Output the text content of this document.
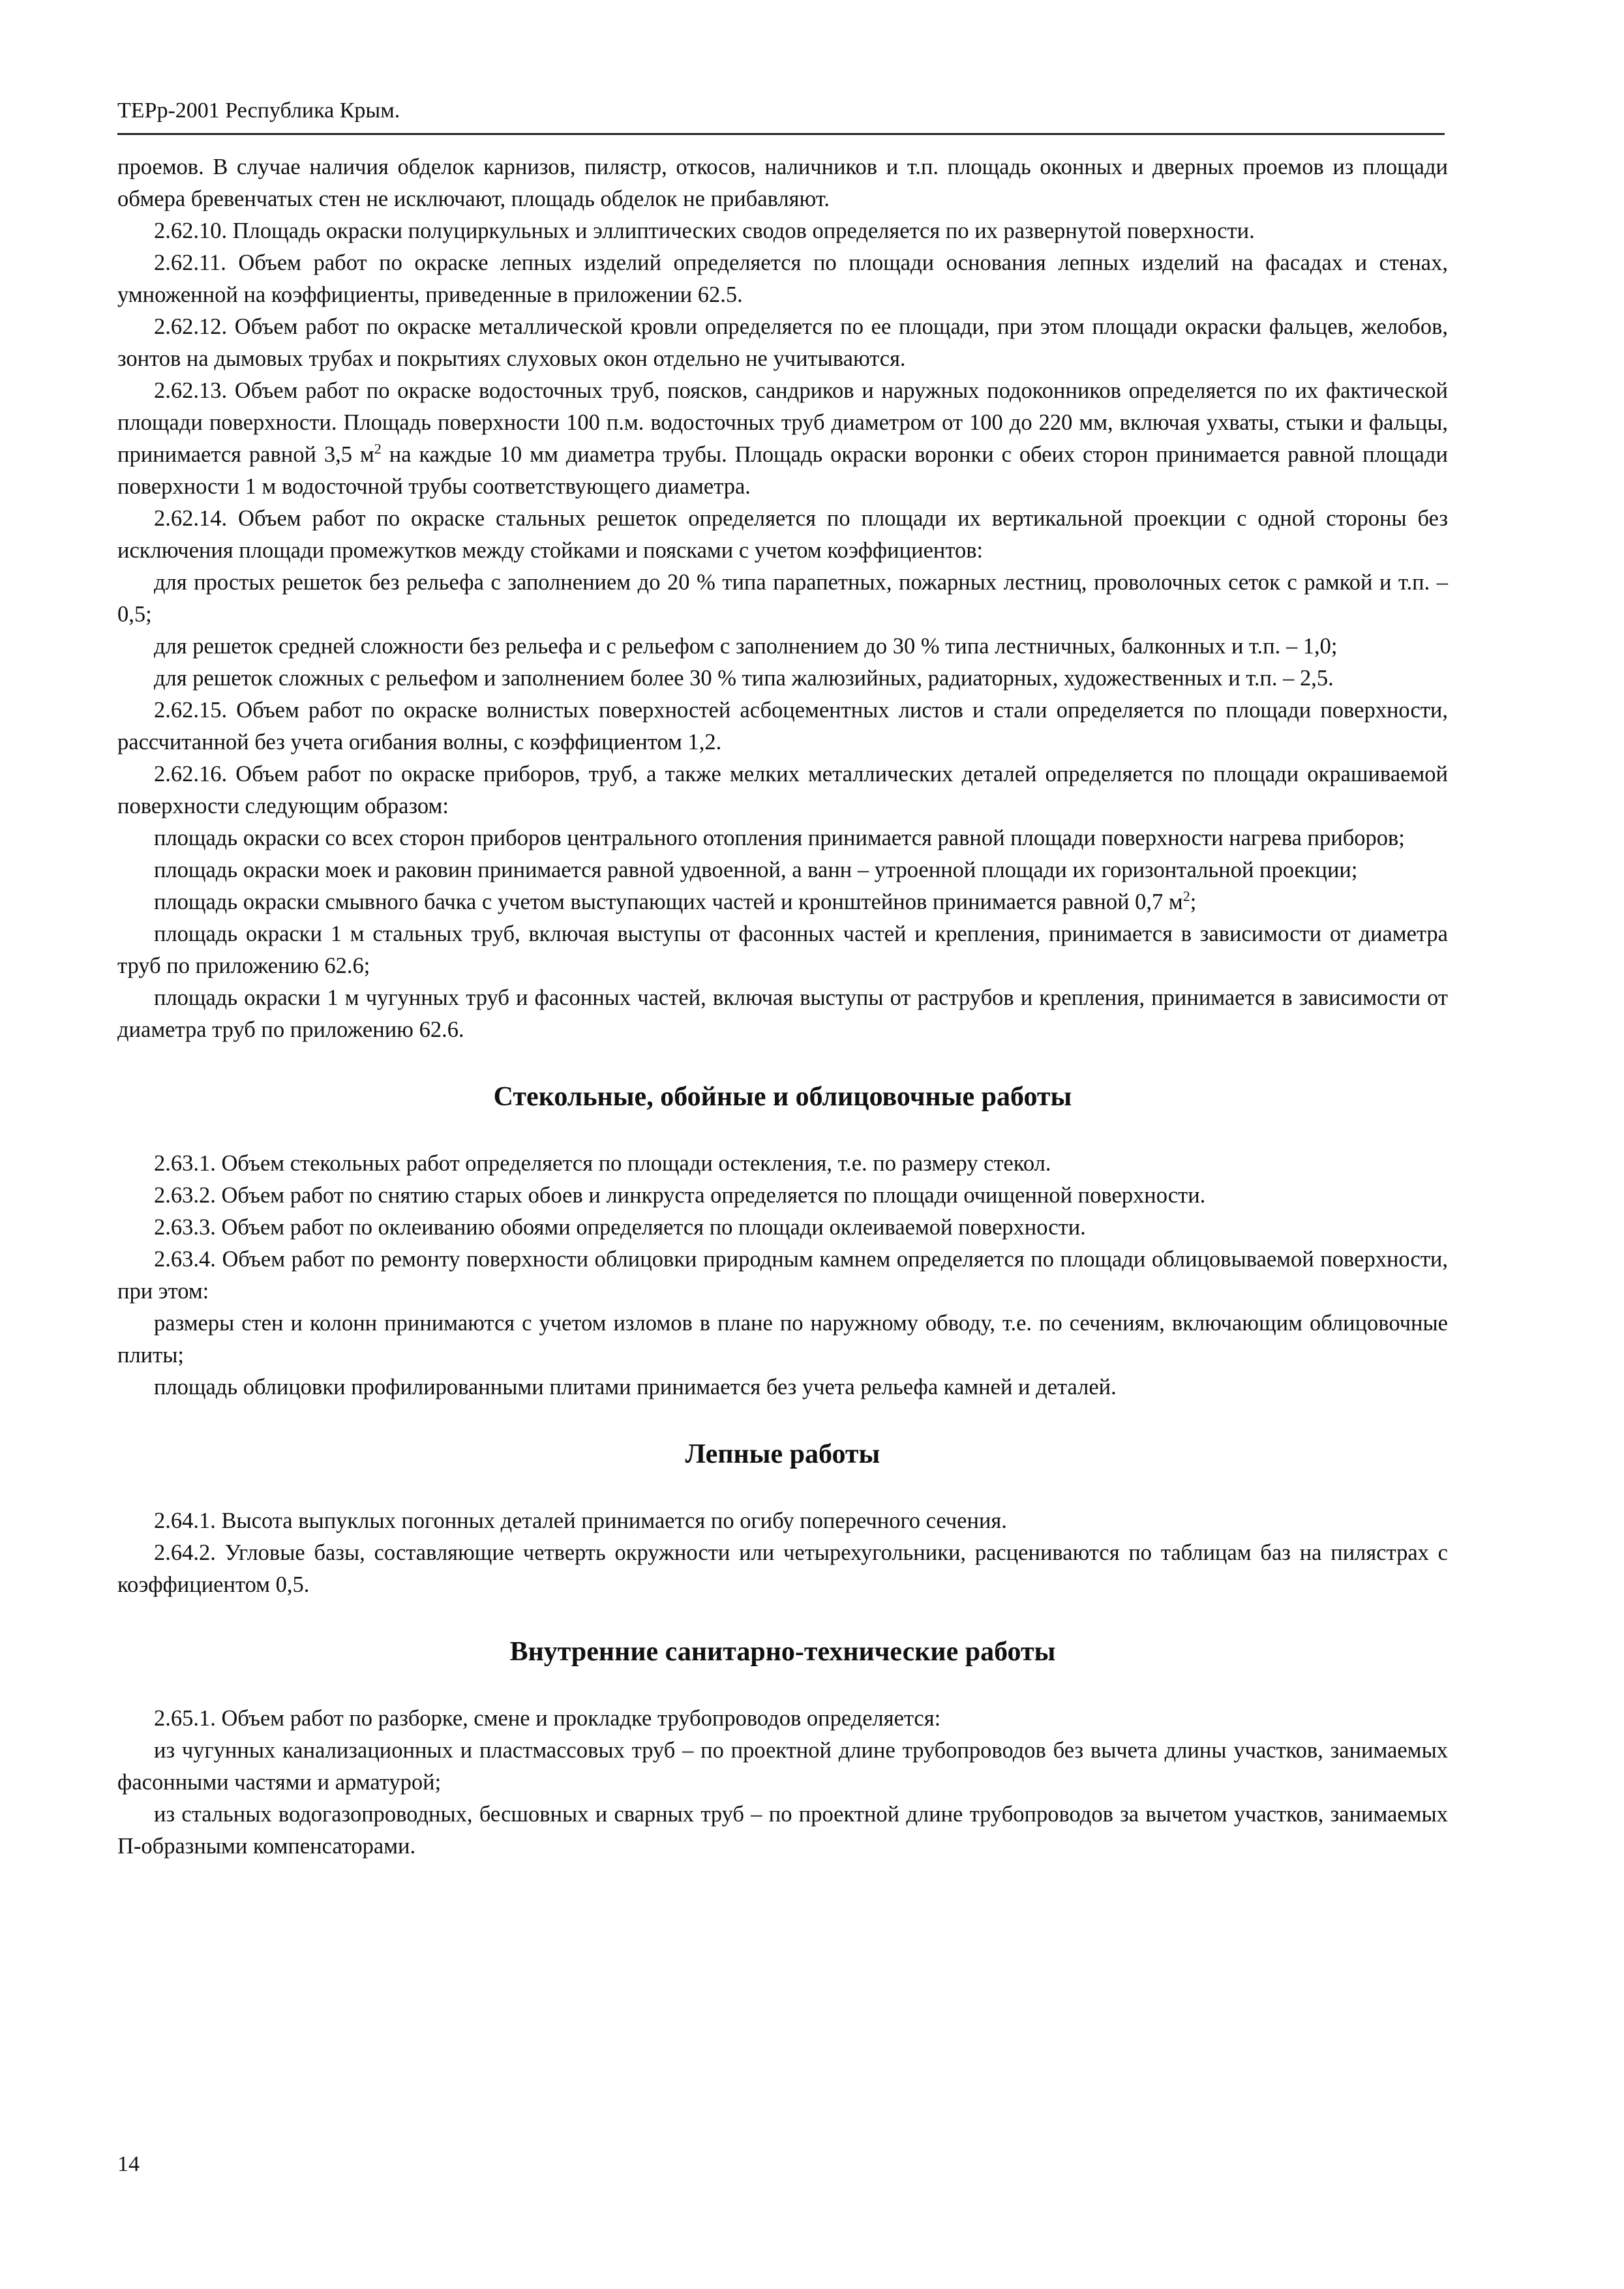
ТЕРр-2001 Республика Крым.

проемов. В случае наличия обделок карнизов, пилястр, откосов, наличников и т.п. площадь оконных и дверных проемов из площади обмера бревенчатых стен не исключают, площадь обделок не прибавляют.

2.62.10. Площадь окраски полуциркульных и эллиптических сводов определяется по их развернутой поверхности.

2.62.11. Объем работ по окраске лепных изделий определяется по площади основания лепных изделий на фасадах и стенах, умноженной на коэффициенты, приведенные в приложении 62.5.

2.62.12. Объем работ по окраске металлической кровли определяется по ее площади, при этом площади окраски фальцев, желобов, зонтов на дымовых трубах и покрытиях слуховых окон отдельно не учитываются.

2.62.13. Объем работ по окраске водосточных труб, поясков, сандриков и наружных подоконников определяется по их фактической площади поверхности. Площадь поверхности 100 п.м. водосточных труб диаметром от 100 до 220 мм, включая ухваты, стыки и фальцы, принимается равной 3,5 $м^2$ на каждые 10 мм диаметра трубы. Площадь окраски воронки с обеих сторон принимается равной площади поверхности 1 м водосточной трубы соответствующего диаметра.

2.62.14. Объем работ по окраске стальных решеток определяется по площади их вертикальной проекции с одной стороны без исключения площади промежутков между стойками и поясками с учетом коэффициентов:

для простых решеток без рельефа с заполнением до 20 % типа парапетных, пожарных лестниц, проволочных сеток с рамкой и т.п. – 0,5;

для решеток средней сложности без рельефа и с рельефом с заполнением до 30 % типа лестничных, балконных и т.п. – 1,0;

для решеток сложных с рельефом и заполнением более 30 % типа жалюзийных, радиаторных, художественных и т.п. – 2,5.

2.62.15. Объем работ по окраске волнистых поверхностей асбоцементных листов и стали определяется по площади поверхности, рассчитанной без учета огибания волны, с коэффициентом 1,2.

2.62.16. Объем работ по окраске приборов, труб, а также мелких металлических деталей определяется по площади окрашиваемой поверхности следующим образом:

площадь окраски со всех сторон приборов центрального отопления принимается равной площади поверхности нагрева приборов;

площадь окраски моек и раковин принимается равной удвоенной, а ванн – утроенной площади их горизонтальной проекции;

площадь окраски смывного бачка с учетом выступающих частей и кронштейнов принимается равной 0,7 $м^2$;

площадь окраски 1 м стальных труб, включая выступы от фасонных частей и крепления, принимается в зависимости от диаметра труб по приложению 62.6;

площадь окраски 1 м чугунных труб и фасонных частей, включая выступы от раструбов и крепления, принимается в зависимости от диаметра труб по приложению 62.6.

Стекольные, обойные и облицовочные работы

2.63.1. Объем стекольных работ определяется по площади остекления, т.е. по размеру стекол.

2.63.2. Объем работ по снятию старых обоев и линкруста определяется по площади очищенной поверхности.

2.63.3. Объем работ по оклеиванию обоями определяется по площади оклеиваемой поверхности.

2.63.4. Объем работ по ремонту поверхности облицовки природным камнем определяется по площади облицовываемой поверхности, при этом:

размеры стен и колонн принимаются с учетом изломов в плане по наружному обводу, т.е. по сечениям, включающим облицовочные плиты;

площадь облицовки профилированными плитами принимается без учета рельефа камней и деталей.

Лепные работы

2.64.1. Высота выпуклых погонных деталей принимается по огибу поперечного сечения.

2.64.2. Угловые базы, составляющие четверть окружности или четырехугольники, расцениваются по таблицам баз на пилястрах с коэффициентом 0,5.

Внутренние санитарно-технические работы

2.65.1. Объем работ по разборке, смене и прокладке трубопроводов определяется:

из чугунных канализационных и пластмассовых труб – по проектной длине трубопроводов без вычета длины участков, занимаемых фасонными частями и арматурой;

из стальных водогазопроводных, бесшовных и сварных труб – по проектной длине трубопроводов за вычетом участков, занимаемых П-образными компенсаторами.

14
